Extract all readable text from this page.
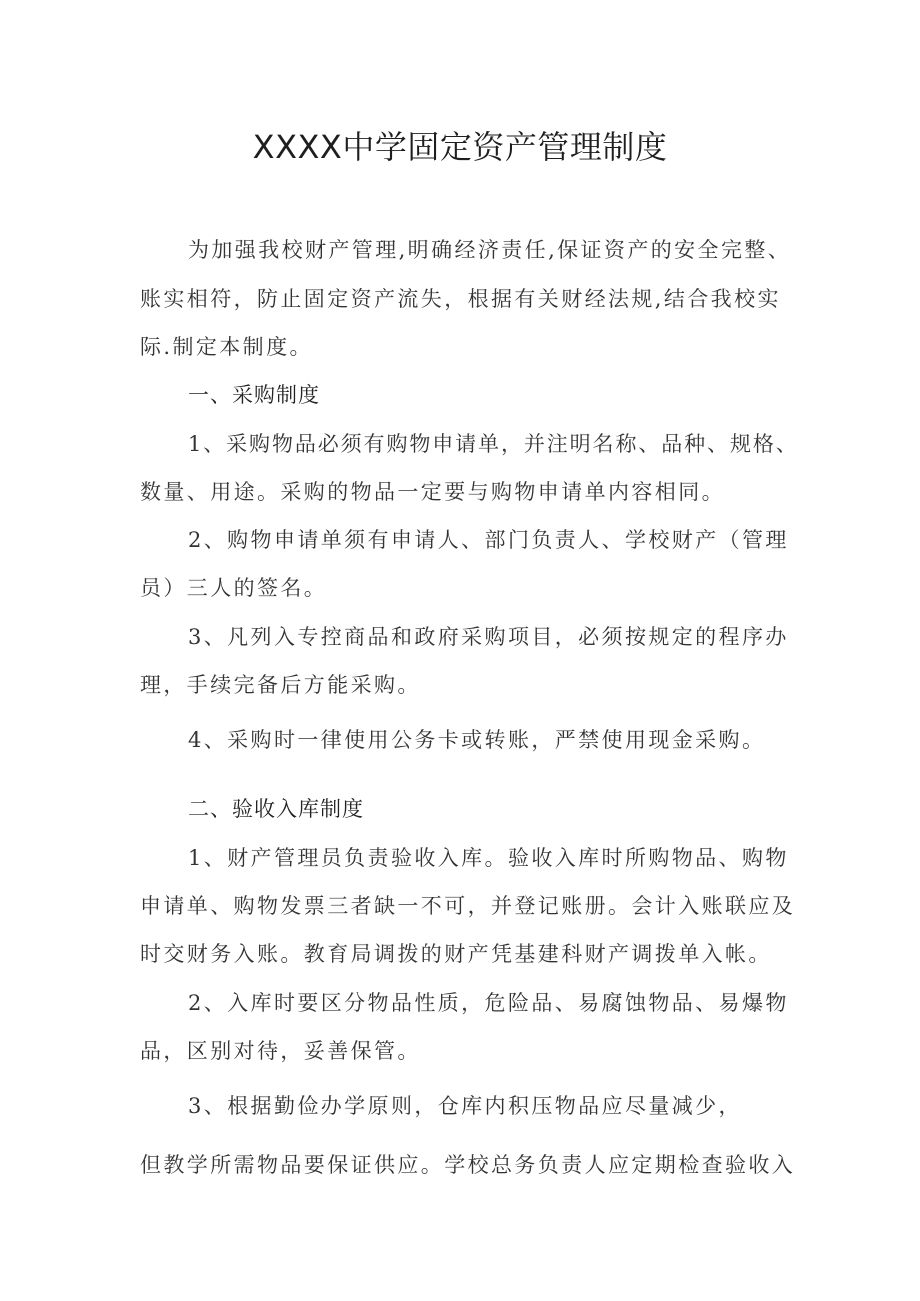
XXXX中学固定资产管理制度

为加强我校财产管理,明确经济责任,保证资产的安全完整、

账实相符，防止固定资产流失，根据有关财经法规,结合我校实

际.制定本制度。

一、采购制度

1、采购物品必须有购物申请单，并注明名称、品种、规格、

数量、用途。采购的物品一定要与购物申请单内容相同。

2、购物申请单须有申请人、部门负责人、学校财产（管理

员）三人的签名。

3、凡列入专控商品和政府采购项目，必须按规定的程序办

理，手续完备后方能采购。

4、采购时一律使用公务卡或转账，严禁使用现金采购。

二、验收入库制度

1、财产管理员负责验收入库。验收入库时所购物品、购物

申请单、购物发票三者缺一不可，并登记账册。会计入账联应及

时交财务入账。教育局调拨的财产凭基建科财产调拨单入帐。

2、入库时要区分物品性质，危险品、易腐蚀物品、易爆物

品，区别对待，妥善保管。

3、根据勤俭办学原则，仓库内积压物品应尽量减少，

但教学所需物品要保证供应。学校总务负责人应定期检查验收入
